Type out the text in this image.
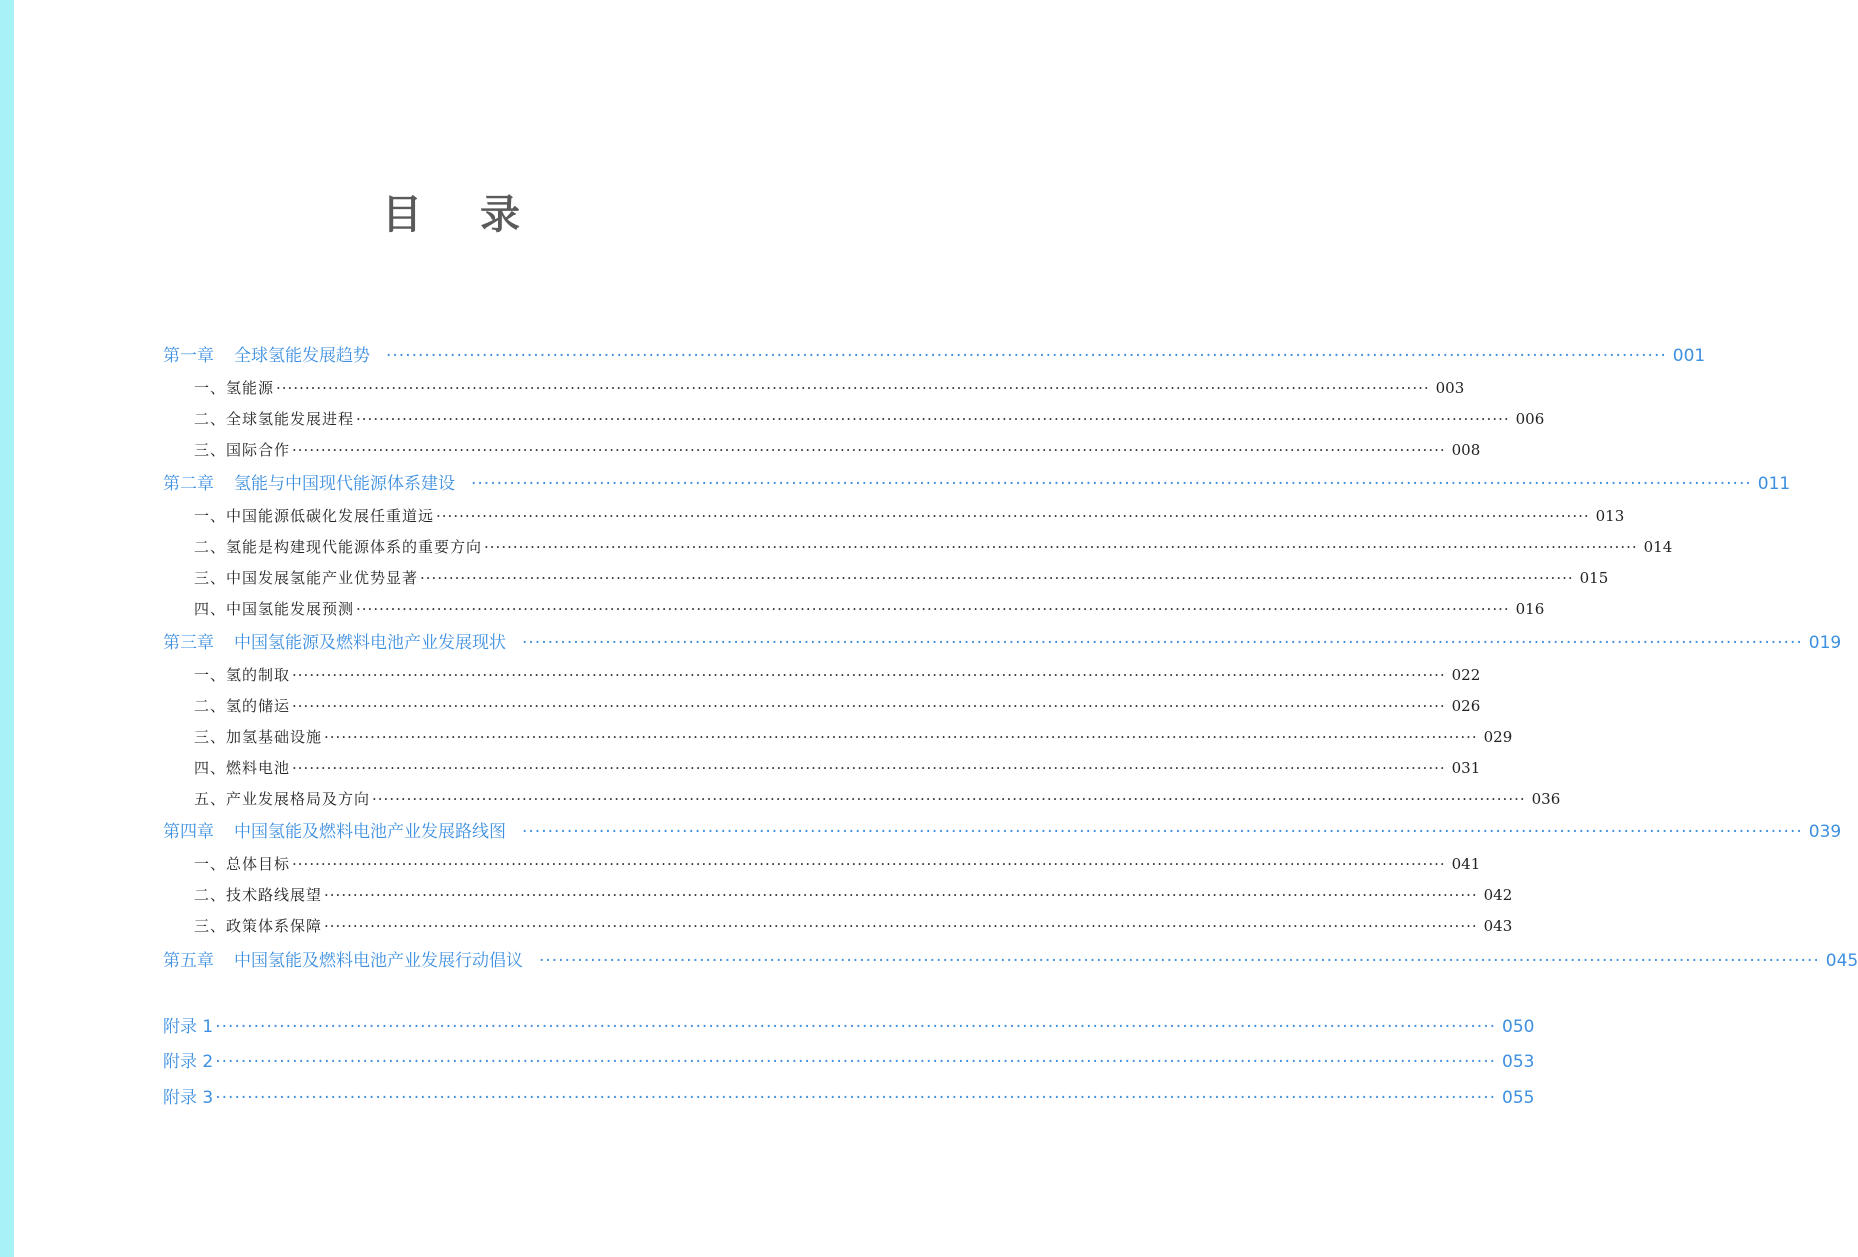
目 录
第一章 全球氢能发展趋势 ········································································································································································································ 001
一、氢能源 ········································································································································································································ 003
二、全球氢能发展进程 ········································································································································································································ 006
三、国际合作 ········································································································································································································ 008
第二章 氢能与中国现代能源体系建设 ········································································································································································································ 011
一、中国能源低碳化发展任重道远 ········································································································································································································ 013
二、氢能是构建现代能源体系的重要方向 ········································································································································································································ 014
三、中国发展氢能产业优势显著 ········································································································································································································ 015
四、中国氢能发展预测 ········································································································································································································ 016
第三章 中国氢能源及燃料电池产业发展现状 ········································································································································································································ 019
一、氢的制取 ········································································································································································································ 022
二、氢的储运 ········································································································································································································ 026
三、加氢基础设施 ········································································································································································································ 029
四、燃料电池 ········································································································································································································ 031
五、产业发展格局及方向 ········································································································································································································ 036
第四章 中国氢能及燃料电池产业发展路线图 ········································································································································································································ 039
一、总体目标 ········································································································································································································ 041
二、技术路线展望 ········································································································································································································ 042
三、政策体系保障 ········································································································································································································ 043
第五章 中国氢能及燃料电池产业发展行动倡议 ········································································································································································································ 045
附录 1 ········································································································································································································ 050
附录 2 ········································································································································································································ 053
附录 3 ········································································································································································································ 055
